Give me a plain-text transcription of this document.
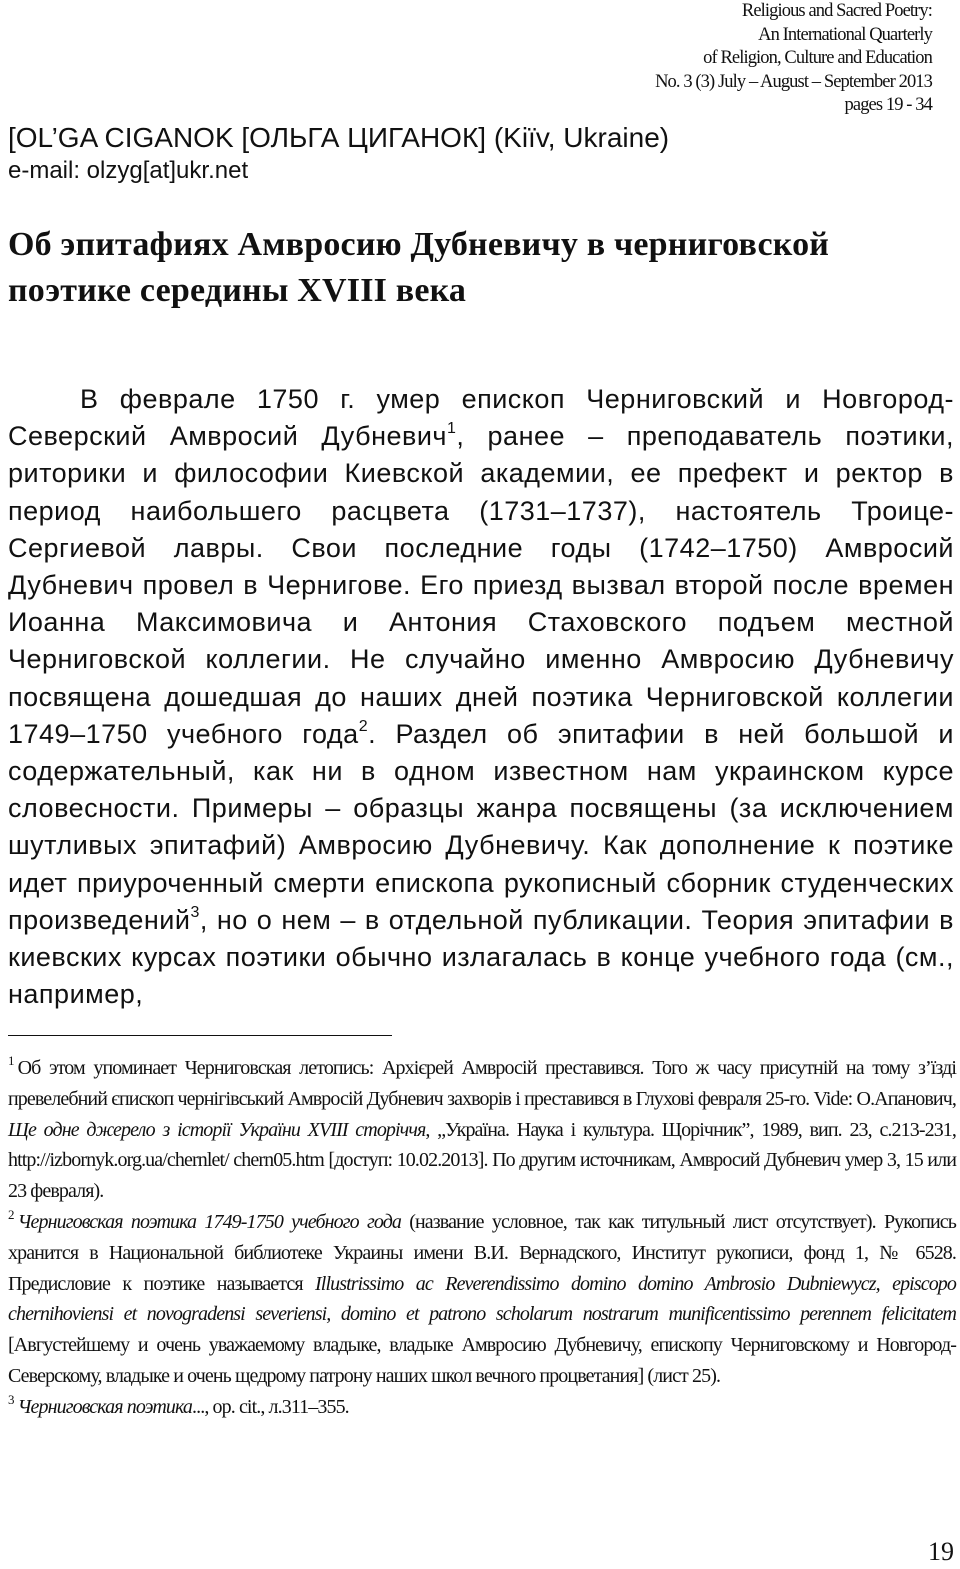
Religious and Sacred Poetry:
An International Quarterly
of Religion, Culture and Education
No. 3 (3) July – August – September 2013
pages 19 - 34
[OL’GA CIGANOK [ОЛЬГА ЦИГАНОК] (Kiïv, Ukraine)
e-mail: olzyg[at]ukr.net
Об эпитафиях Амвросию Дубневичу в черниговской поэтике середины XVIII века

В феврале 1750 г. умер епископ Черниговский и Новгород-Северский Амвросий Дубневич$^1$, ранее – преподаватель поэтики, риторики и философии Киевской академии, ее префект и ректор в период наибольшего расцвета (1731–1737), настоятель Троице-Сергиевой лавры. Свои последние годы (1742–1750) Амвросий Дубневич провел в Чернигове. Его приезд вызвал второй после времен Иоанна Максимовича и Антония Стаховского подъем местной Черниговской коллегии. Не случайно именно Амвросию Дубневичу посвящена дошедшая до наших дней поэтика Черниговской коллегии 1749–1750 учебного года$^2$. Раздел об эпитафии в ней большой и содержательный, как ни в одном известном нам украинском курсе словесности. Примеры – образцы жанра посвящены (за исключением шутливых эпитафий) Амвросию Дубневичу. Как дополнение к поэтике идет приуроченный смерти епископа рукописный сборник студенческих произведений$^3$, но о нем – в отдельной публикации. Теория эпитафии в киевских курсах поэтики обычно излагалась в конце учебного года (см., например,

$^1$ Об этом упоминает Черниговская летопись: Архієрей Амвросій преставився. Того ж часу присутній на тому з’їзді превелебний єпископ чернігівський Амвросій Дубневич захворів і преставився в Глухові февраля 25-го. Vide: О.Апанович, Ще одне джерело з історії України XVIII сторіччя, „Україна. Наука і культура. Щорічник”, 1989, вип. 23, с.213-231, http://izbornyk.org.ua/chernlet/ chern05.htm [доступ: 10.02.2013]. По другим источникам, Амвросий Дубневич умер 3, 15 или 23 февраля).

$^2$ Черниговская поэтика 1749-1750 учебного года (название условное, так как титульный лист отсутствует). Рукопись хранится в Национальной библиотеке Украины имени В.И. Вернадского, Институт рукописи, фонд 1, № 6528. Предисловие к поэтике называется Illustrissimo ac Reverendissimo domino domino Ambrosio Dubniewycz, episcopo chernihoviensi et novogradensi severiensi, domino et patrono scholarum nostrarum munificentissimo perennem felicitatem [Августейшему и очень уважаемому владыке, владыке Амвросию Дубневичу, епископу Черниговскому и Новгород-Северскому, владыке и очень щедрому патрону наших школ вечного процветания] (лист 25).

$^3$ Черниговская поэтика..., op. cit., л.311–355.

19
